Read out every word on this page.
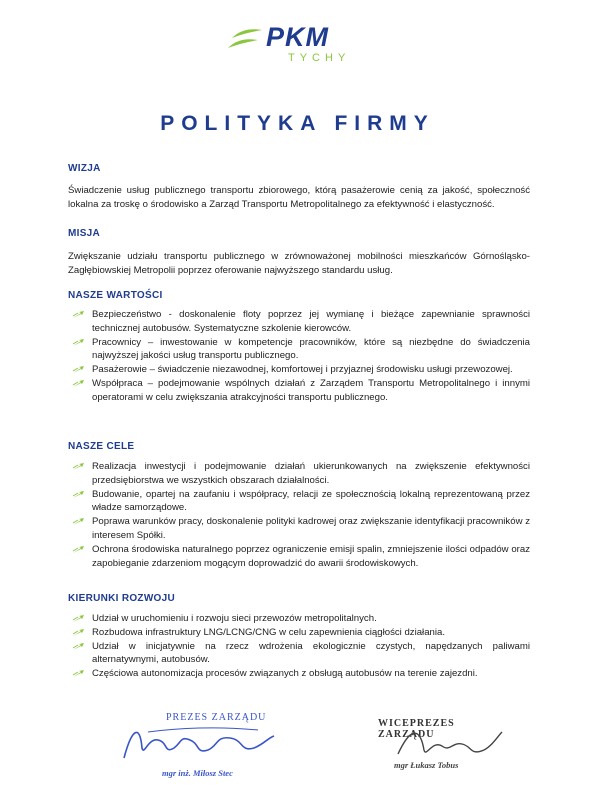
PKM
TYCHY
POLITYKA FIRMY
WIZJA
Świadczenie usług publicznego transportu zbiorowego, którą pasażerowie cenią za jakość, społeczność lokalna za troskę o środowisko a Zarząd Transportu Metropolitalnego za efektywność i elastyczność.
MISJA
Zwiększanie udziału transportu publicznego w zrównoważonej mobilności mieszkańców Górnośląsko-Zagłębiowskiej Metropolii poprzez oferowanie najwyższego standardu usług.
NASZE WARTOŚCI
Bezpieczeństwo - doskonalenie floty poprzez jej wymianę i bieżące zapewnianie sprawności technicznej autobusów. Systematyczne szkolenie kierowców.
Pracownicy – inwestowanie w kompetencje pracowników, które są niezbędne do świadczenia najwyższej jakości usług transportu publicznego.
Pasażerowie – świadczenie niezawodnej, komfortowej i przyjaznej środowisku usługi przewozowej.
Współpraca – podejmowanie wspólnych działań z Zarządem Transportu Metropolitalnego i innymi operatorami w celu zwiększania atrakcyjności transportu publicznego.
NASZE CELE
Realizacja inwestycji i podejmowanie działań ukierunkowanych na zwiększenie efektywności przedsiębiorstwa we wszystkich obszarach działalności.
Budowanie, opartej na zaufaniu i współpracy, relacji ze społecznością lokalną reprezentowaną przez władze samorządowe.
Poprawa warunków pracy, doskonalenie polityki kadrowej oraz zwiększanie identyfikacji pracowników z interesem Spółki.
Ochrona środowiska naturalnego poprzez ograniczenie emisji spalin, zmniejszenie ilości odpadów oraz zapobieganie zdarzeniom mogącym doprowadzić do awarii środowiskowych.
KIERUNKI ROZWOJU
Udział w uruchomieniu i rozwoju sieci przewozów metropolitalnych.
Rozbudowa infrastruktury LNG/LCNG/CNG w celu zapewnienia ciągłości działania.
Udział w inicjatywnie na rzecz wdrożenia ekologicznie czystych, napędzanych paliwami alternatywnymi, autobusów.
Częściowa autonomizacja procesów związanych z obsługą autobusów na terenie zajezdni.
PREZES ZARZĄDU
mgr inż. Miłosz Stec
WICEPREZES ZARZĄDU
mgr Łukasz Tobus
